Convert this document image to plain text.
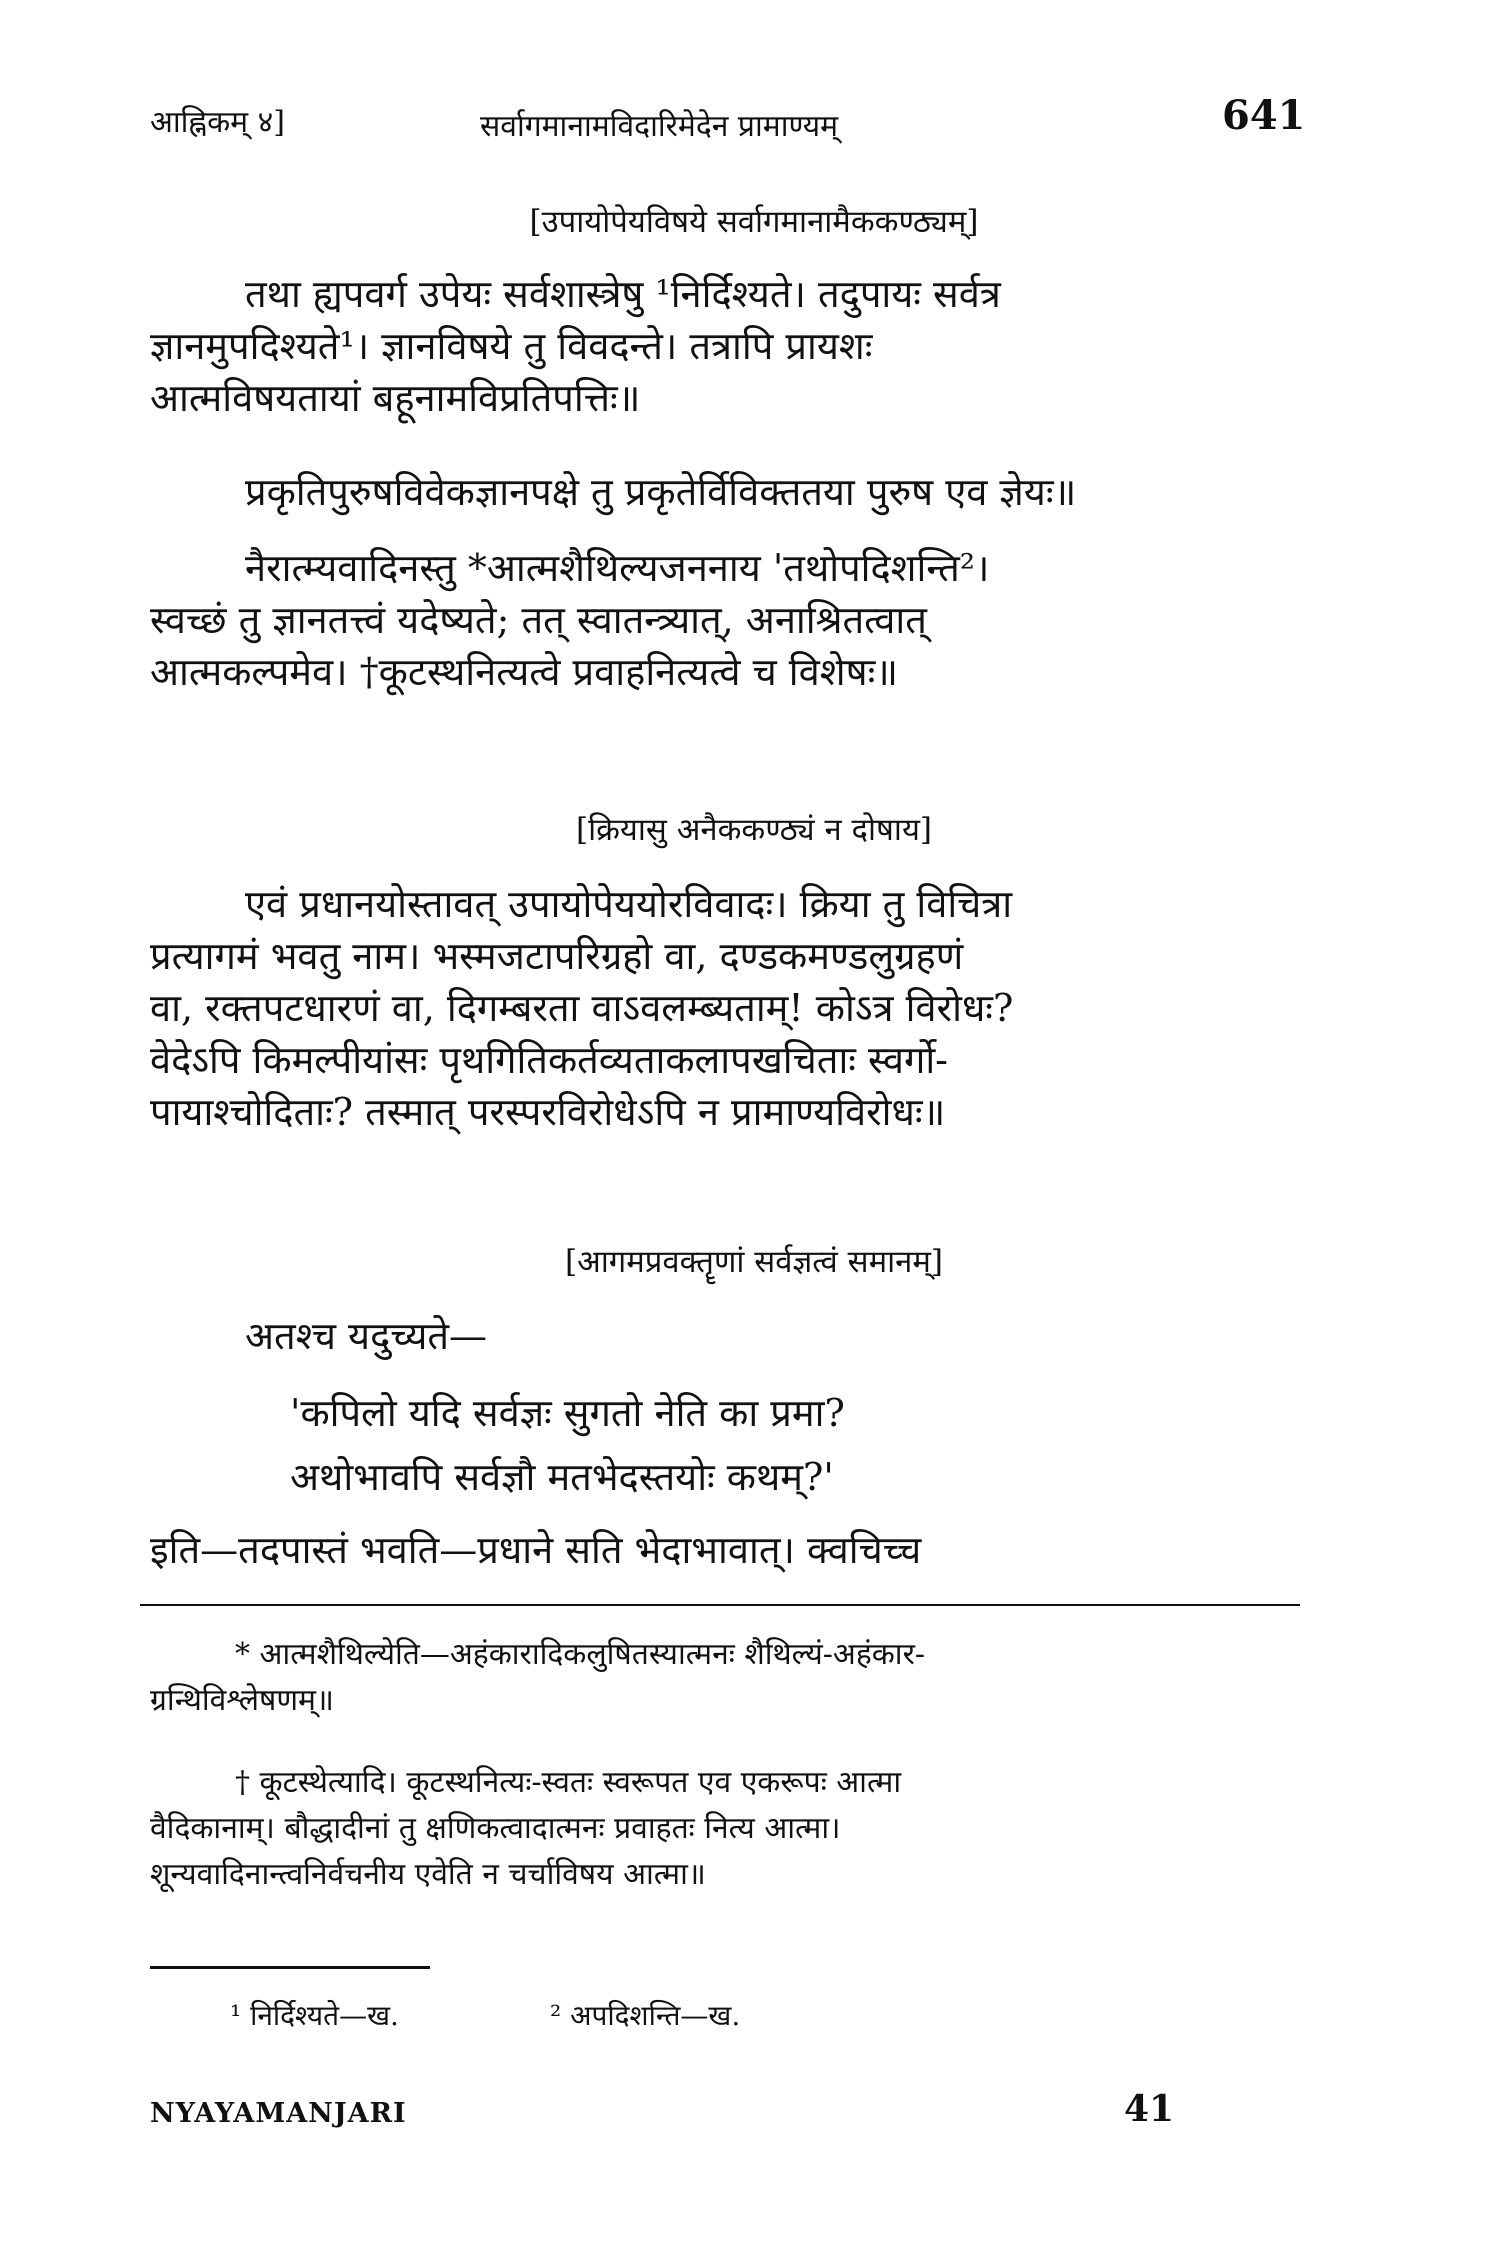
आह्निकम् ४]	सर्वागमानामविदारिमेदेन प्रामाण्यम्	641
[उपायोपेयविषये सर्वागमानामैककण्ठ्यम्]
तथा ह्यपवर्ग उपेयः सर्वशास्त्रेषु ¹निर्दिश्यते। तदुपायः सर्वत्र
ज्ञानमुपदिश्यते¹। ज्ञानविषये तु विवदन्ते। तत्रापि प्रायशः
आत्मविषयतायां बहूनामविप्रतिपत्तिः॥
प्रकृतिपुरुषविवेकज्ञानपक्षे तु प्रकृतेर्विविक्ततया पुरुष एव ज्ञेयः॥
नैरात्म्यवादिनस्तु *आत्मशैथिल्यजननाय 'तथोपदिशन्ति²।
स्वच्छं तु ज्ञानतत्त्वं यदेष्यते; तत् स्वातन्त्र्यात्, अनाश्रितत्वात्
आत्मकल्पमेव। †कूटस्थनित्यत्वे प्रवाहनित्यत्वे च विशेषः॥
[क्रियासु अनैककण्ठ्यं न दोषाय]
एवं प्रधानयोस्तावत् उपायोपेययोरविवादः। क्रिया तु विचित्रा
प्रत्यागमं भवतु नाम। भस्मजटापरिग्रहो वा, दण्डकमण्डलुग्रहणं
वा, रक्तपटधारणं वा, दिगम्बरता वाऽवलम्ब्यताम्! कोऽत्र विरोधः?
वेदेऽपि किमल्पीयांसः पृथगितिकर्तव्यताकलापखचिताः स्वर्गो-
पायाश्चोदिताः? तस्मात् परस्परविरोधेऽपि न प्रामाण्यविरोधः॥
[आगमप्रवक्तॄणां सर्वज्ञत्वं समानम्]
अतश्च यदुच्यते—
'कपिलो यदि सर्वज्ञः सुगतो नेति का प्रमा?
अथोभावपि सर्वज्ञौ मतभेदस्तयोः कथम्?'
इति—तदपास्तं भवति—प्रधाने सति भेदाभावात्। क्वचिच्च
* आत्मशैथिल्येति—अहंकारादिकलुषितस्यात्मनः शैथिल्यं-अहंकार-
ग्रन्थिविश्लेषणम्॥
† कूटस्थेत्यादि। कूटस्थनित्यः-स्वतः स्वरूपत एव एकरूपः आत्मा
वैदिकानाम्। बौद्धादीनां तु क्षणिकत्वादात्मनः प्रवाहतः नित्य आत्मा।
शून्यवादिनान्त्वनिर्वचनीय एवेति न चर्चाविषय आत्मा॥
¹ निर्दिश्यते—ख.	² अपदिशन्ति—ख.
NYAYAMANJARI	41
